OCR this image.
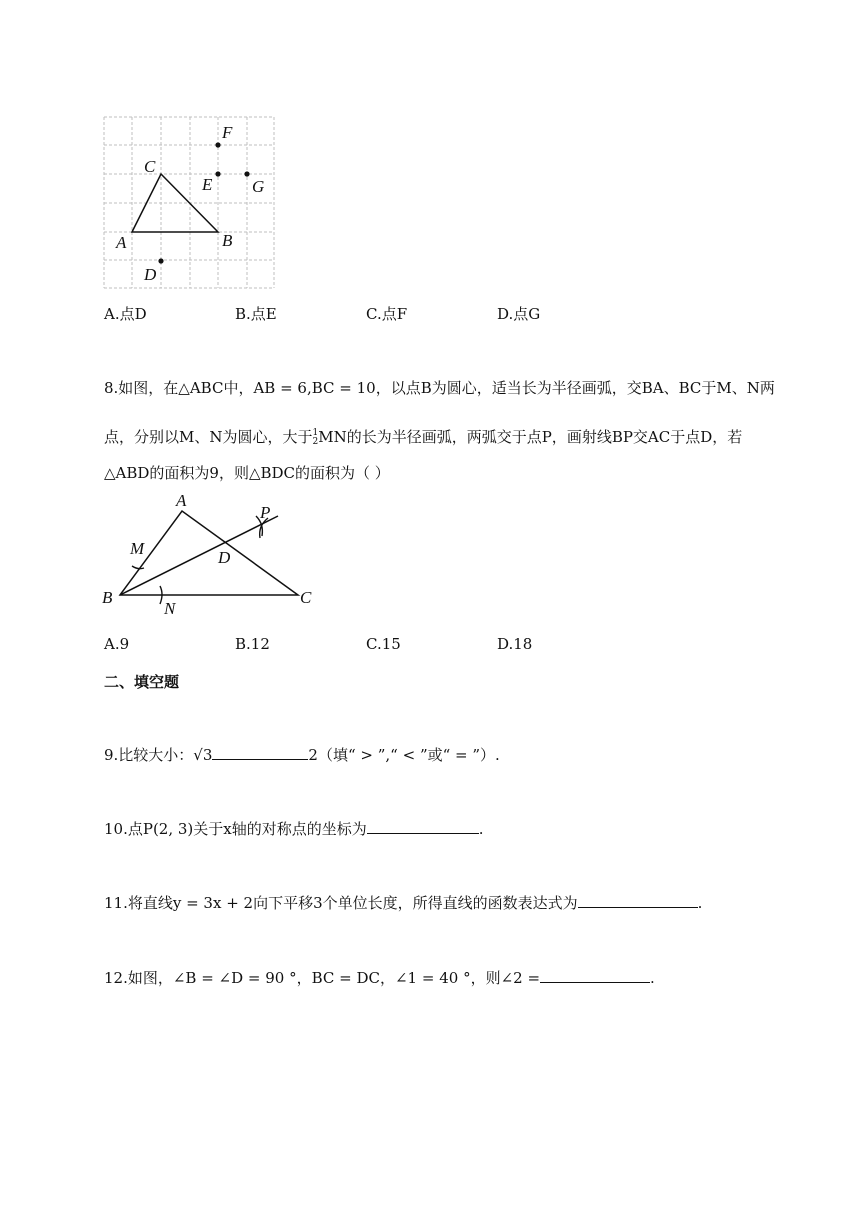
C
A	B
D
E
F
G
A.点D	B.点E	C.点F	D.点G
8.如图，在△ABC中，AB = 6,BC = 10，以点B为圆心，适当长为半径画弧，交BA、BC于M、N两
点，分别以M、N为圆心，大于1
2MN的长为半径画弧，两弧交于点P，画射线BP交AC于点D，若
△ABD的面积为9，则△BDC的面积为（ ）
A
B	C
D
M
N
P
A.9	B.12	C.15	D.18
二、填空题
9.比较大小：√3	2（填“ > ”,“ < ”或“ = ”）.
10.点P(2, 3)关于x轴的对称点的坐标为	.
11.将直线y = 3x + 2向下平移3个单位长度，所得直线的函数表达式为	.
12.如图，∠B = ∠D = 90 °，BC = DC，∠1 = 40 °，则∠2 =	.
